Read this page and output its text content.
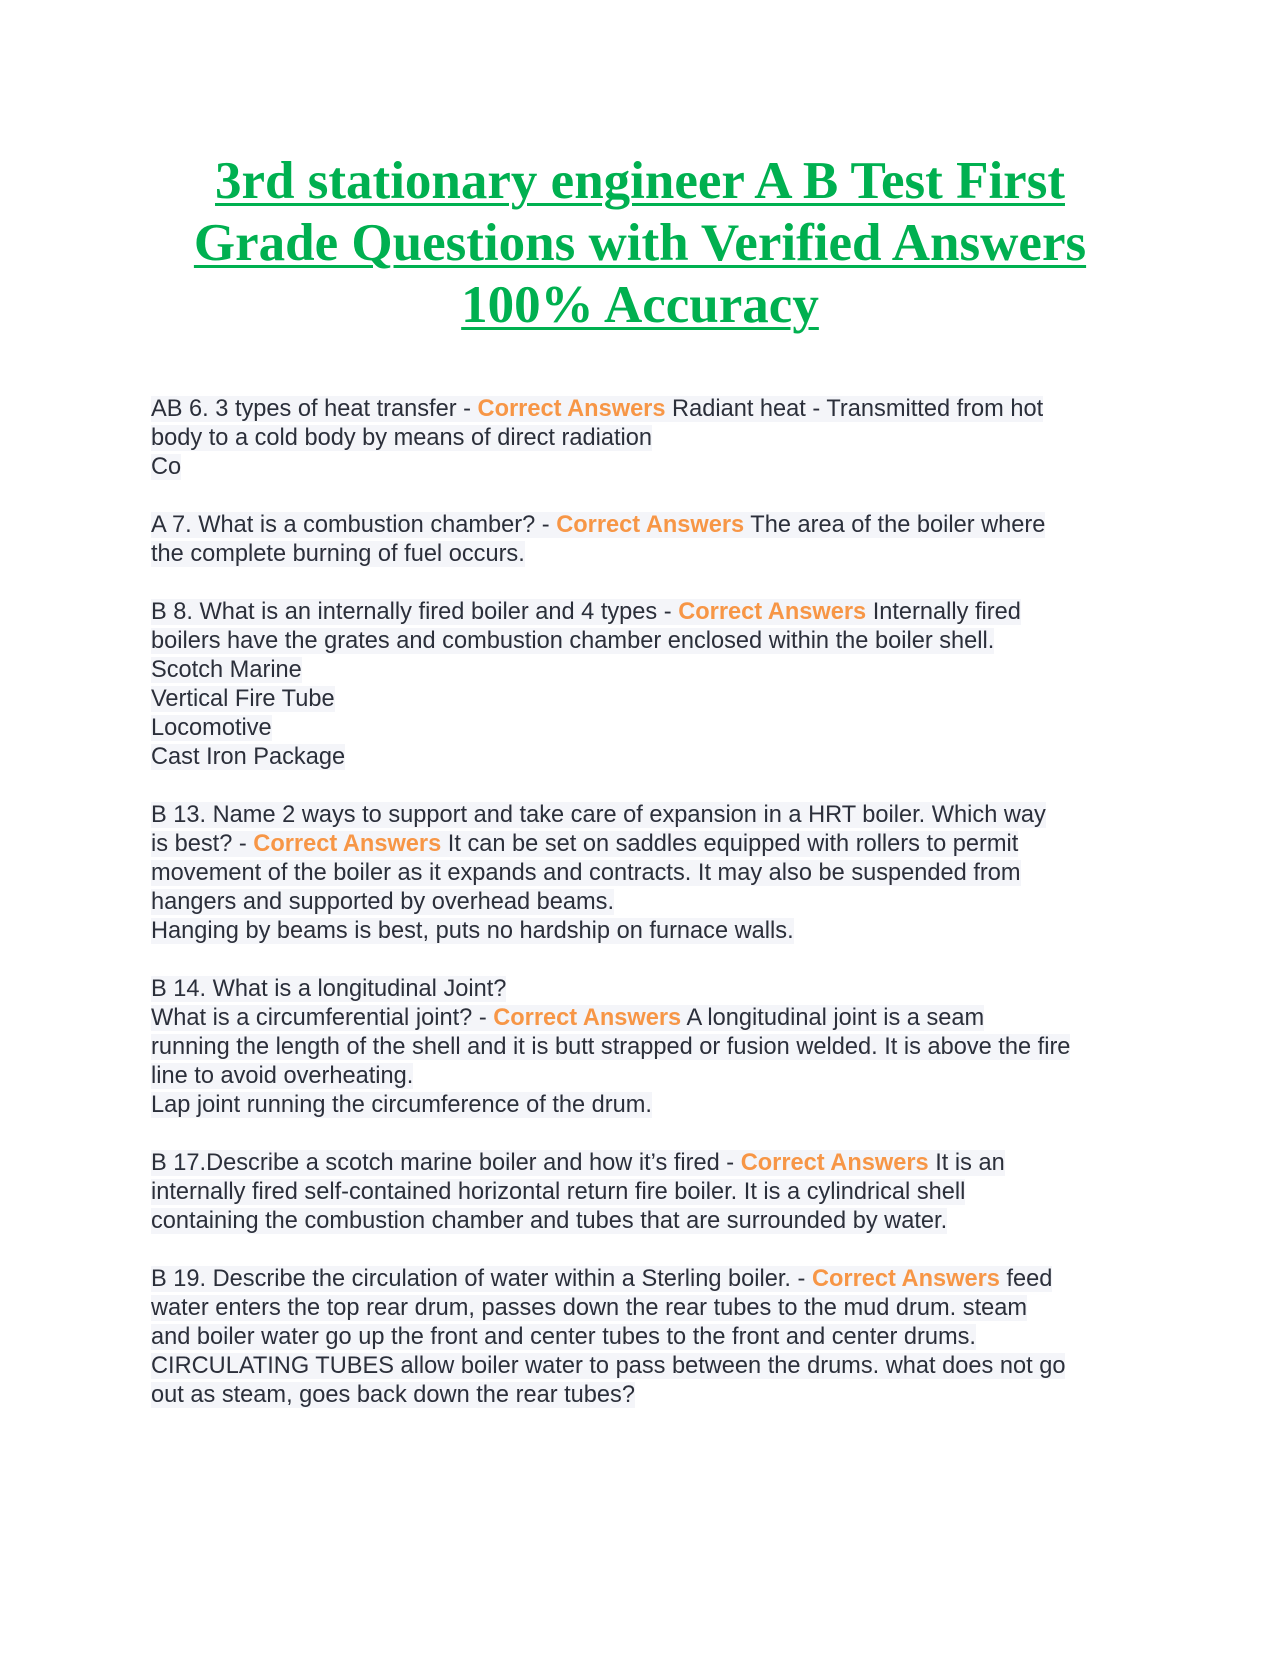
3rd stationary engineer A B Test First
Grade Questions with Verified Answers
100% Accuracy
AB 6. 3 types of heat transfer - Correct Answers Radiant heat - Transmitted from hot
body to a cold body by means of direct radiation
Co
A 7. What is a combustion chamber? - Correct Answers The area of the boiler where
the complete burning of fuel occurs.
B 8. What is an internally fired boiler and 4 types - Correct Answers Internally fired
boilers have the grates and combustion chamber enclosed within the boiler shell.
Scotch Marine
Vertical Fire Tube
Locomotive
Cast Iron Package
B 13. Name 2 ways to support and take care of expansion in a HRT boiler. Which way
is best? - Correct Answers It can be set on saddles equipped with rollers to permit
movement of the boiler as it expands and contracts. It may also be suspended from
hangers and supported by overhead beams.
Hanging by beams is best, puts no hardship on furnace walls.
B 14. What is a longitudinal Joint?
What is a circumferential joint? - Correct Answers A longitudinal joint is a seam
running the length of the shell and it is butt strapped or fusion welded. It is above the fire
line to avoid overheating.
Lap joint running the circumference of the drum.
B 17.Describe a scotch marine boiler and how it’s fired - Correct Answers It is an
internally fired self-contained horizontal return fire boiler. It is a cylindrical shell
containing the combustion chamber and tubes that are surrounded by water.
B 19. Describe the circulation of water within a Sterling boiler. - Correct Answers feed
water enters the top rear drum, passes down the rear tubes to the mud drum. steam
and boiler water go up the front and center tubes to the front and center drums.
CIRCULATING TUBES allow boiler water to pass between the drums. what does not go
out as steam, goes back down the rear tubes?
